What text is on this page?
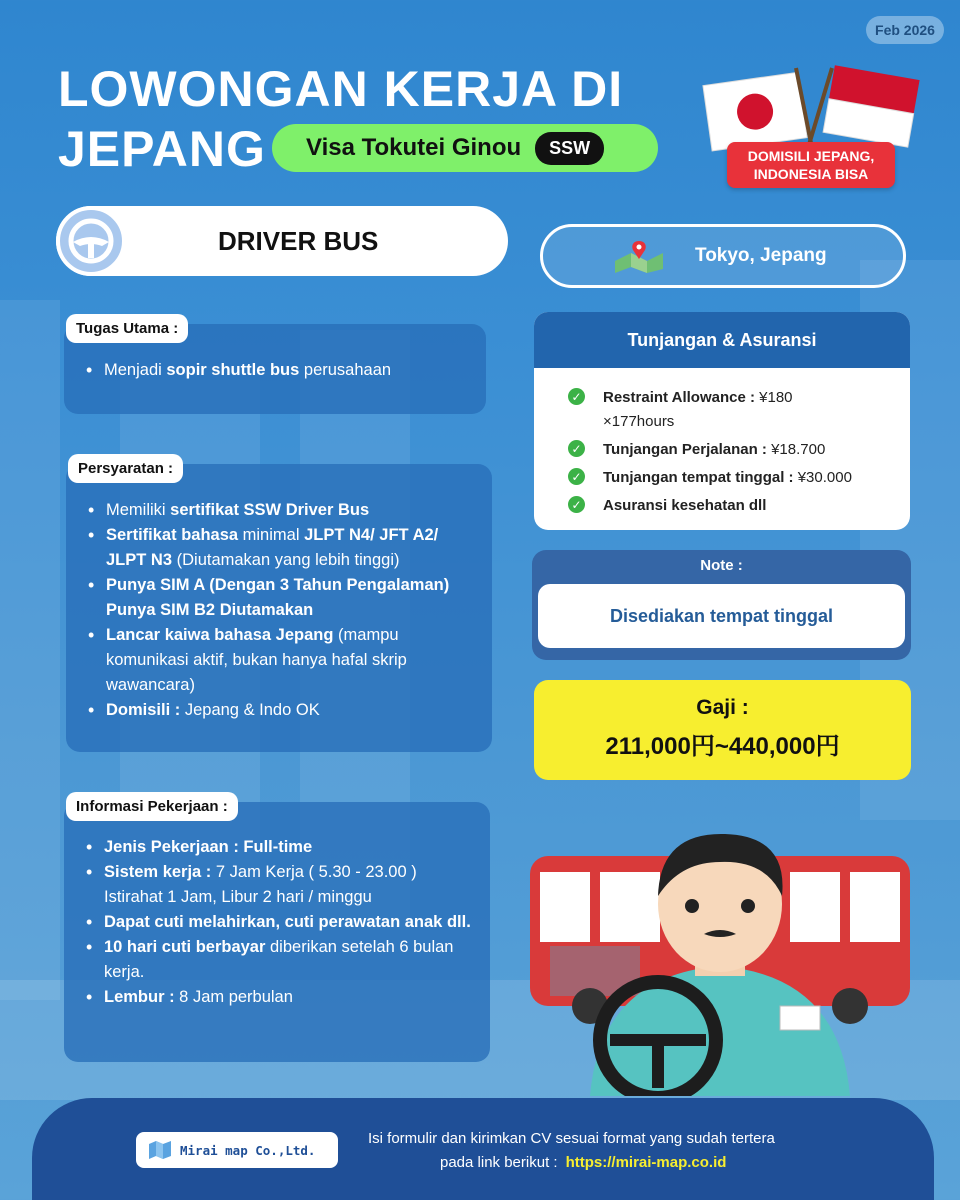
Feb 2026
LOWONGAN KERJA DI
JEPANG Visa Tokutei Ginou	SSW	DOMISILI JEPANG,
INDONESIA BISA
DRIVER BUS	Tokyo, Jepang
Tugas Utama :
• Menjadi sopir shuttle bus perusahaan
Persyaratan :
• Memiliki sertifikat SSW Driver Bus
• Sertifikat bahasa minimal JLPT N4/ JFT A2/ JLPT N3 (Diutamakan yang lebih tinggi)
• Punya SIM A (Dengan 3 Tahun Pengalaman)
Punya SIM B2 Diutamakan
• Lancar kaiwa bahasa Jepang (mampu komunikasi aktif, bukan hanya hafal skrip wawancara)
• Domisili : Jepang & Indo OK
Informasi Pekerjaan :
• Jenis Pekerjaan : Full-time
• Sistem kerja : 7 Jam Kerja ( 5.30 - 23.00 ) Istirahat 1 Jam, Libur 2 hari / minggu
• Dapat cuti melahirkan, cuti perawatan anak dll.
• 10 hari cuti berbayar diberikan setelah 6 bulan kerja.
• Lembur : 8 Jam perbulan
Tunjangan & Asuransi
✓ Restraint Allowance : ¥180 ×177hours
✓ Tunjangan Perjalanan : ¥18.700
✓ Tunjangan tempat tinggal : ¥30.000
✓ Asuransi kesehatan dll
Note :
Disediakan tempat tinggal
Gaji :
211,000円~440,000円
Mirai map Co.,Ltd.
Isi formulir dan kirimkan CV sesuai format yang sudah tertera
pada link berikut : https://mirai-map.co.id
